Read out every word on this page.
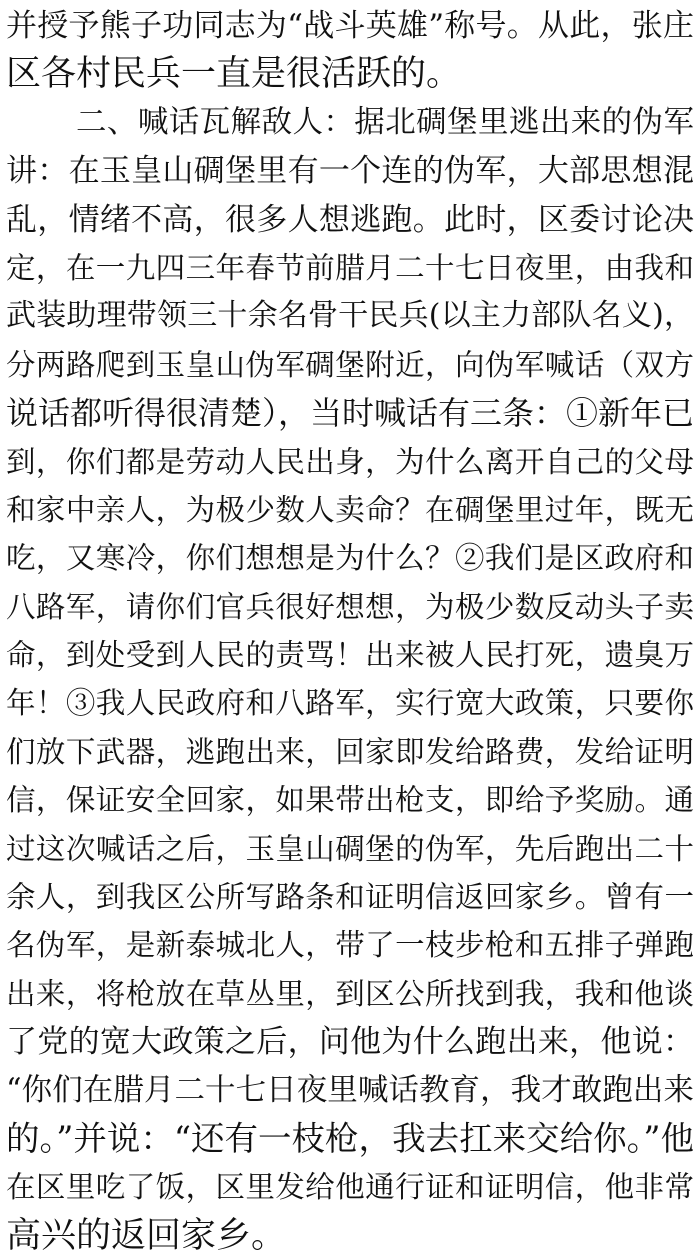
并授予熊子功同志为“战斗英雄”称号。从此，张庄
区各村民兵一直是很活跃的。
二、喊话瓦解敌人：据北碉堡里逃出来的伪军
讲：在玉皇山碉堡里有一个连的伪军，大部思想混
乱，情绪不高，很多人想逃跑。此时，区委讨论决
定，在一九四三年春节前腊月二十七日夜里，由我和
武装助理带领三十余名骨干民兵(以主力部队名义)，
分两路爬到玉皇山伪军碉堡附近，向伪军喊话（双方
说话都听得很清楚），当时喊话有三条：①新年已
到，你们都是劳动人民出身，为什么离开自己的父母
和家中亲人，为极少数人卖命？在碉堡里过年，既无
吃，又寒冷，你们想想是为什么？②我们是区政府和
八路军，请你们官兵很好想想，为极少数反动头子卖
命，到处受到人民的责骂！出来被人民打死，遗臭万
年！③我人民政府和八路军，实行宽大政策，只要你
们放下武器，逃跑出来，回家即发给路费，发给证明
信，保证安全回家，如果带出枪支，即给予奖励。通
过这次喊话之后，玉皇山碉堡的伪军，先后跑出二十
余人，到我区公所写路条和证明信返回家乡。曾有一
名伪军，是新泰城北人，带了一枝步枪和五排子弹跑
出来，将枪放在草丛里，到区公所找到我，我和他谈
了党的宽大政策之后，问他为什么跑出来，他说：
“你们在腊月二十七日夜里喊话教育，我才敢跑出来
的。”并说：“还有一枝枪，我去扛来交给你。”他
在区里吃了饭，区里发给他通行证和证明信，他非常
高兴的返回家乡。
